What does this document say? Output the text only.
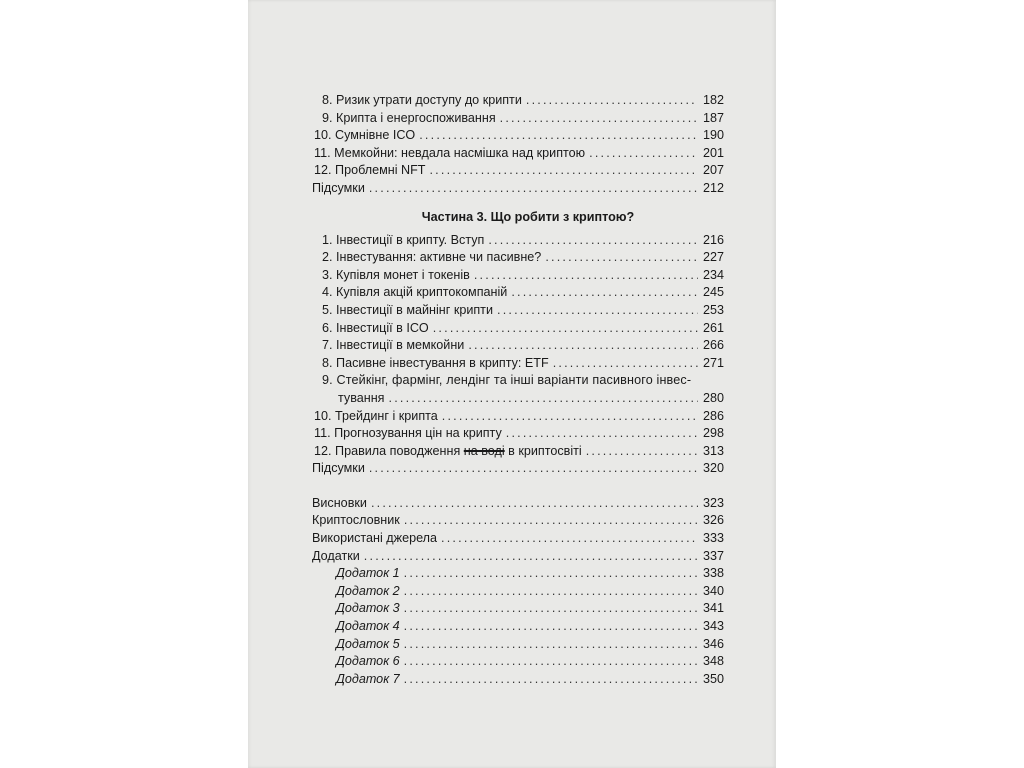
8. Ризик утрати доступу до крипти .....	182
9. Крипта і енергоспоживання .....	187
10. Сумнівне ICO .....	190
11. Мемкойни: невдала насмішка над криптою .....	201
12. Проблемні NFT .....	207
Підсумки .....	212
Частина 3. Що робити з криптою?
1. Інвестиції в крипту. Вступ .....	216
2. Інвестування: активне чи пасивне? .....	227
3. Купівля монет і токенів .....	234
4. Купівля акцій криптокомпаній .....	245
5. Інвестиції в майнінг крипти .....	253
6. Інвестиції в ICO .....	261
7. Інвестиції в мемкойни .....	266
8. Пасивне інвестування в крипту: ETF .....	271
9. Стейкінг, фармінг, лендінг та інші варіанти пасивного інвес-
тування .....	280
10. Трейдинг і крипта .....	286
11. Прогнозування цін на крипту .....	298
12. Правила поводження на воді в криптосвіті .....	313
Підсумки .....	320
Висновки .....	323
Криптословник .....	326
Використані джерела .....	333
Додатки .....	337
Додаток 1 .....	338
Додаток 2 .....	340
Додаток 3 .....	341
Додаток 4 .....	343
Додаток 5 .....	346
Додаток 6 .....	348
Додаток 7 .....	350
